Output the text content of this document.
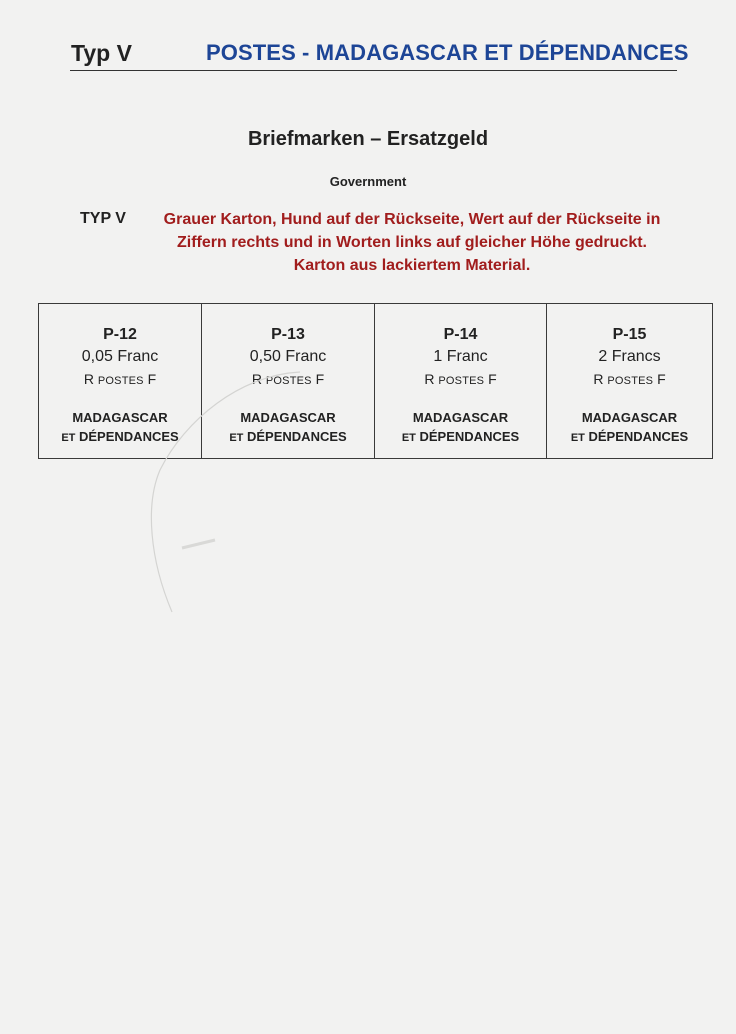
Typ V	POSTES - MADAGASCAR ET DÉPENDANCES
Briefmarken – Ersatzgeld
Government
TYP V	Grauer Karton, Hund auf der Rückseite, Wert auf der Rückseite in
Ziffern rechts und in Worten links auf gleicher Höhe gedruckt.
Karton aus lackiertem Material.
P-12
0,05 Franc
R POSTES F
MADAGASCAR
ET DÉPENDANCES
P-13
0,50 Franc
R POSTES F
MADAGASCAR
ET DÉPENDANCES
P-14
1 Franc
R POSTES F
MADAGASCAR
ET DÉPENDANCES
P-15
2 Francs
R POSTES F
MADAGASCAR
ET DÉPENDANCES
